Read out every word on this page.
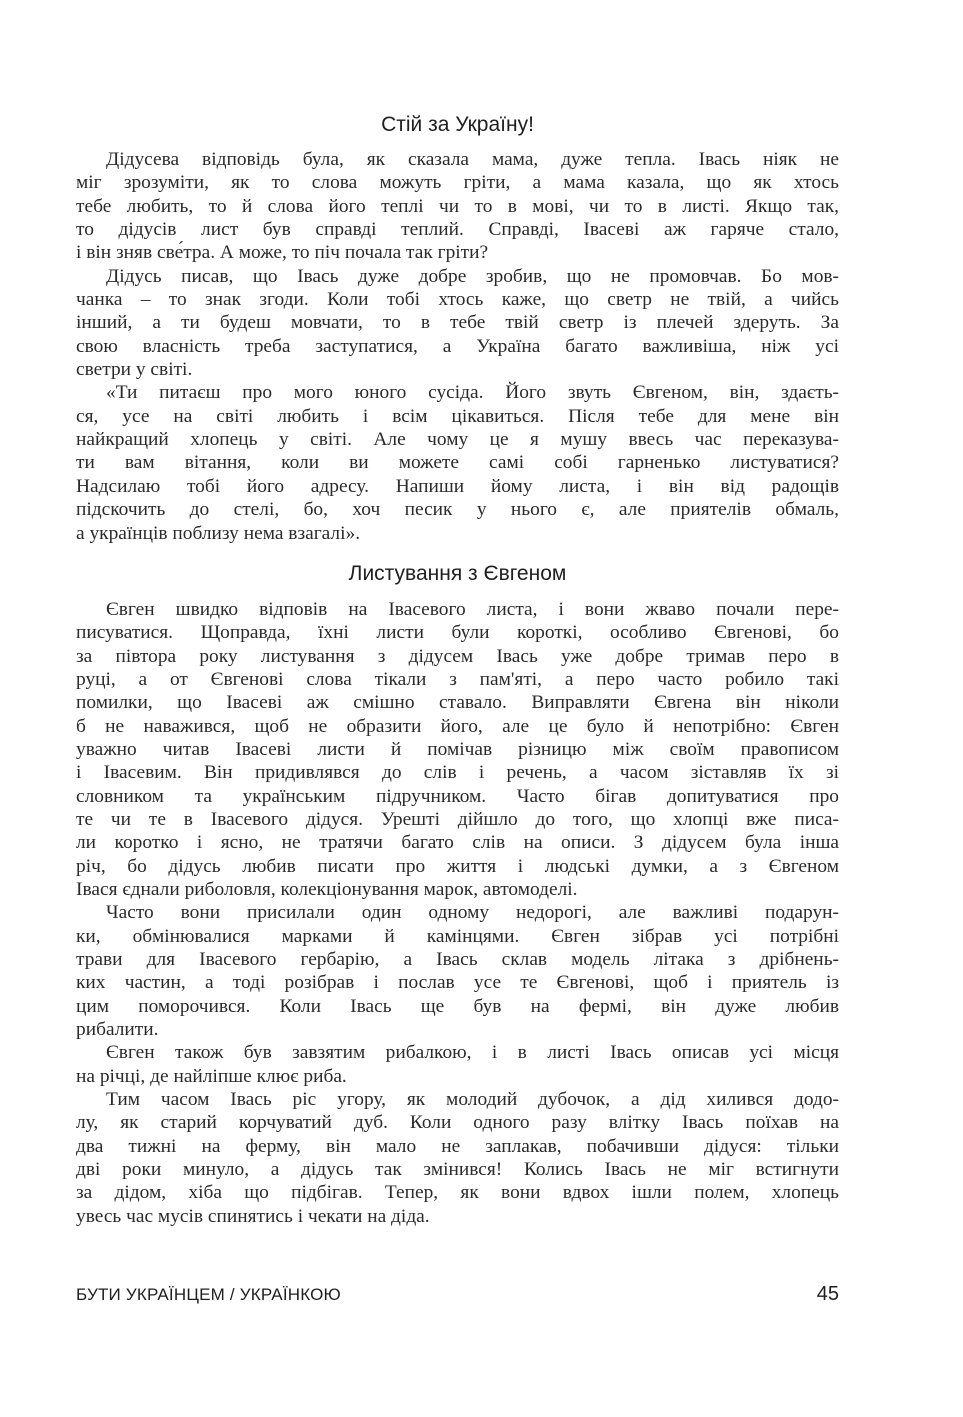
Стій за Україну!

Дідусева відповідь була, як сказала мама, дуже тепла. Івась ніяк не
міг зрозуміти, як то слова можуть гріти, а мама казала, що як хтось
тебе любить, то й слова його теплі чи то в мові, чи то в листі. Якщо так,
то дідусів лист був справді теплий. Справді, Івасеві аж гаряче стало,
і він зняв све́тра. А може, то піч почала так гріти?

Дідусь писав, що Івась дуже добре зробив, що не промовчав. Бо мов-
чанка – то знак згоди. Коли тобі хтось каже, що светр не твій, а чийсь
інший, а ти будеш мовчати, то в тебе твій светр із плечей здеруть. За
свою власність треба заступатися, а Україна багато важливіша, ніж усі
светри у світі.

«Ти питаєш про мого юного сусіда. Його звуть Євгеном, він, здаєть-
ся, усе на світі любить і всім цікавиться. Після тебе для мене він
найкращий хлопець у світі. Але чому це я мушу ввесь час переказува-
ти вам вітання, коли ви можете самі собі гарненько листуватися?
Надсилаю тобі його адресу. Напиши йому листа, і він від радощів
підскочить до стелі, бо, хоч песик у нього є, але приятелів обмаль,
а українців поблизу нема взагалі».

Листування з Євгеном

Євген швидко відповів на Івасевого листа, і вони жваво почали пере-
писуватися. Щоправда, їхні листи були короткі, особливо Євгенові, бо
за півтора року листування з дідусем Івась уже добре тримав перо в
руці, а от Євгенові слова тікали з пам'яті, а перо часто робило такі
помилки, що Івасеві аж смішно ставало. Виправляти Євгена він ніколи
б не наважився, щоб не образити його, але це було й непотрібно: Євген
уважно читав Івасеві листи й помічав різницю між своїм правописом
і Івасевим. Він придивлявся до слів і речень, а часом зіставляв їх зі
словником та українським підручником. Часто бігав допитуватися про
те чи те в Івасевого дідуся. Урешті дійшло до того, що хлопці вже писа-
ли коротко і ясно, не тратячи багато слів на описи. З дідусем була інша
річ, бо дідусь любив писати про життя і людські думки, а з Євгеном
Івася єднали риболовля, колекціонування марок, автомоделі.

Часто вони присилали один одному недорогі, але важливі подарун-
ки, обмінювалися марками й камінцями. Євген зібрав усі потрібні
трави для Івасевого гербарію, а Івась склав модель літака з дрібнень-
ких частин, а тоді розібрав і послав усе те Євгенові, щоб і приятель із
цим поморочився. Коли Івась ще був на фермі, він дуже любив
рибалити.

Євген також був завзятим рибалкою, і в листі Івась описав усі місця
на річці, де найліпше клює риба.

Тим часом Івась ріс угору, як молодий дубочок, а дід хилився додо-
лу, як старий корчуватий дуб. Коли одного разу влітку Івась поїхав на
два тижні на ферму, він мало не заплакав, побачивши дідуся: тільки
дві роки минуло, а дідусь так змінився! Колись Івась не міг встигнути
за дідом, хіба що підбігав. Тепер, як вони вдвох ішли полем, хлопець
увесь час мусів спинятись і чекати на діда.

БУТИ УКРАЇНЦЕМ / УКРАЇНКОЮ	45
